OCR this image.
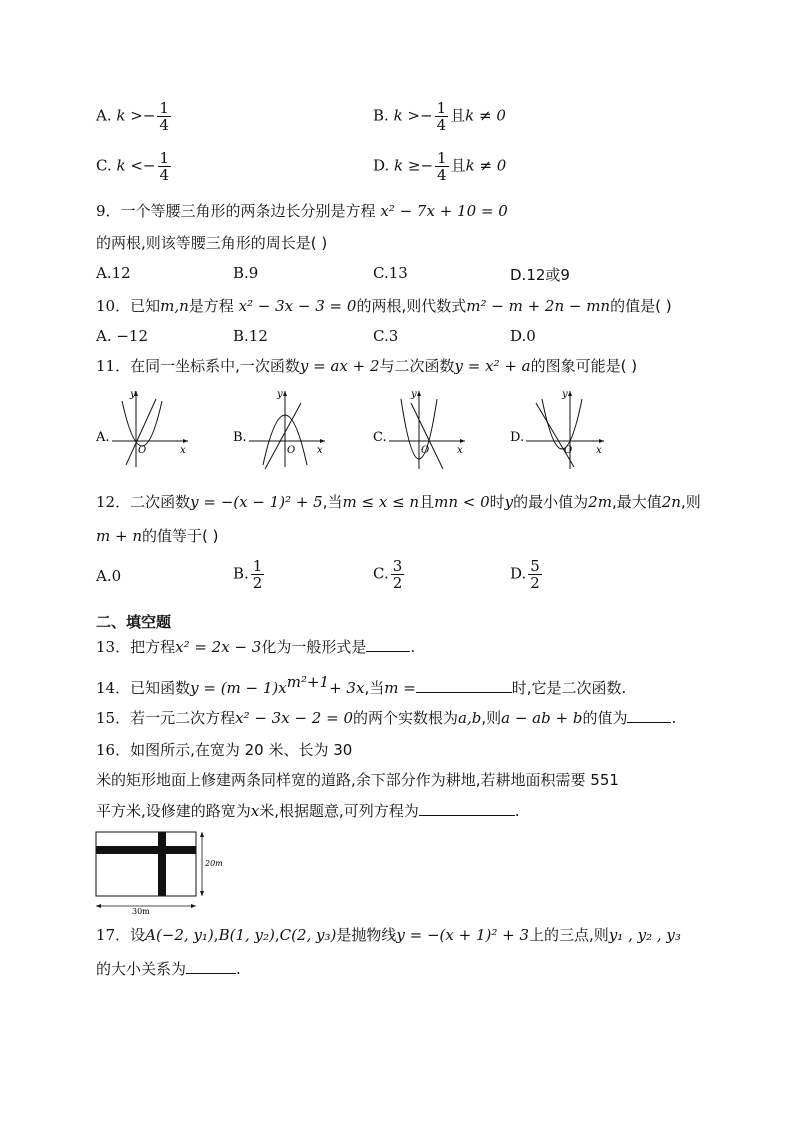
A. $k >- \frac{1}{4}$	B. $k >- \frac{1}{4}$ 且k ≠ 0
C. $k <- \frac{1}{4}$	D. $k \ge- \frac{1}{4}$ 且k ≠ 0
9．一个等腰三角形的两条边长分别是方程 x² − 7x + 10 = 0
的两根,则该等腰三角形的周长是( )
A.12	B.9	C.13	D.12或9
10．已知m,n是方程 x² − 3x − 3 = 0的两根,则代数式m² − m + 2n − mn的值是( )
A. −12	B.12	C.3	D.0
11．在同一坐标系中,一次函数y = ax + 2与二次函数y = x² + a的图象可能是( )
A.
y
x
O
B.
y
x
O
C.
y
x
O
D.
y
x
O
12．二次函数y = −(x − 1)² + 5,当m ≤ x ≤ n且mn < 0时y的最小值为2m,最大值2n,则
m + n的值等于( )
A.0	B. $\frac{1}{2}$	C. $\frac{3}{2}$	D. $\frac{5}{2}$
二、填空题
13．把方程x² = 2x − 3化为一般形式是	.
14．已知函数$y = (m - 1)x^{m^2+1}+ 3x$,当m =	时,它是二次函数.
15．若一元二次方程x² − 3x − 2 = 0的两个实数根为a,b,则a − ab + b的值为	.
16．如图所示,在宽为 20 米、长为 30
米的矩形地面上修建两条同样宽的道路,余下部分作为耕地,若耕地面积需要 551
平方米,设修建的路宽为x米,根据题意,可列方程为	.
30m
20m
17．设A(−2, y₁),B(1, y₂),C(2, y₃)是抛物线y = −(x + 1)² + 3上的三点,则y₁ , y₂ , y₃
的大小关系为	.
